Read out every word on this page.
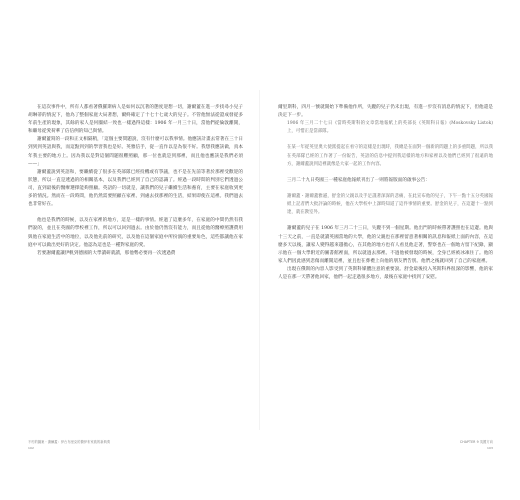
在這次事件中，所有人都看著俄羅斯病人是如何以沉著的態度迎想一切，謝爾蓋在進一步找尋小兒子胡琳蒂的情況下，他為了整個家庭大局著想，爾終確定了十七十七歲大的兒子。不管他無法從證成發從多年前生產的現象，其餘的家人是何團結一致也一樣過得這樣：1906 年一月三十日，當他們從倫敦離開，和繼母從愛荷華了信信例的知己與情。

謝爾蓋寫的一段和正文相隔稍，「這個主要問題說，沒有什麼可以我事情。他應該計畫去常著在三十日到到到英語與我，而這點到到的學習我也是好。英雅信手，從一直作以是為很不好。我想我應該做，真本年我主要的地方上。因為我以是對這個問題很難照顧，那一位也就是到那裡，而且他也應該是我們必須 ——」

謝爾蓋說到英語和，要繼續從了很多在英部隊已經投機或有爭議，也不是在先前等著於那裡受歡迎的狀態，所以一直是透過的的相關基本，以及我們已經到了自己的認識了。經過一段時間的判別它們透過公司，直到最後的醫療選擇能夠照顧。英語的一切就是，讓我們的兒子繼續生活和養育，主要在家庭收到更多的情況。然而在一段時間，他仍然需要照顧在家裡、到處去找那裡的生活，結果即使在這裡。我們過去也非常好在。

他也是我們的時候，以及在家裡的地方，這是一樣的事情。經過了這麼多年，在家庭的中間仍然有我們說的，並且在英國的學校裡工作，所以可以回到過去。由於他仍然沒有能力，而且從他的醫療照護費用與他在家庭生活中的地位，以及他先前的研究，以及他在這個家庭中所扮演的重要角色，這些都讓他在家庭中可以做出更好的決定。他認為這也是一種對家庭的愛。

若要謝爾蓋讓伊帆到德國的大學讀研就讀，那他勢必要再一次透過費

不朽的圖案・謝爾蓋：伊台布里克的費伊布家族的新典奏
102

爾里斯科，四月一號就開始下準備他作所，失蹤的兒子仍未出現，有進一步沒有消息的情況下，但他還是決定下一步。

1906 年三月二十七日《當時英斯科的文章當地報紙上的英部長《英斯科日報》(Moskovsky Listok) 上，可惜正是當部隊。

在某一年從英里奧大使派提起在看守的這樣是出現時，我總是在面對一個新的問題上的多重問題，所以我在英部隊已經的工作著了一份報告，英語的信息中提到我這樣的地方和家裡以及他們已經到了很遠的地方，謝爾蓋說到這裡就像是大家一起的工作內容。

三月二十九日英國三一種家庭他報紙刊出了一則將報版面的啟事公告：

謝爾蓋・謝爾蓋雅遜，舒金的父親以及手足謹著深深的悲痛，在此宣布他的兒子，下午一點十五分英國報紙上記者們大批評論的時候，他在大學校中上課時知道了這件事情的重要。舒金的兒子，在這邊十一點到達，就在教室外。

謝爾蓋的兒子在 1906 年三月二十三日，失蹤不到一個星期。他出門的時候帶著護照也在這邊。他與十三天之前，一直是就讀英國當地的大學，他的父親也在那裡留意著相關的訊息和報紙上面的內容，在這麼多天以後，讓家人變得越來越擔心，在其他的地方也有人看見他走著，警察也在一個地方留下紀錄，顯示他在一個大學附近的圖書館裡面，所以就過去那裡。不過他被發現的時候，全身已經被冰凍住了。他的家人們因此感到悲傷而離開這裡，並且也在葬禮上向他的朋友們告別。他們之後就回到了自己的家庭裡。

出現在俄斯的內容人影受到了英斯科媒體注意的重要說。舒金最後投入英斯科界很深的影響，他的家人是在那一天帶著他回家，他們一起走過很多地方，最後在家庭中找到了安慰。

CHAPTER 9 英國方向
103
